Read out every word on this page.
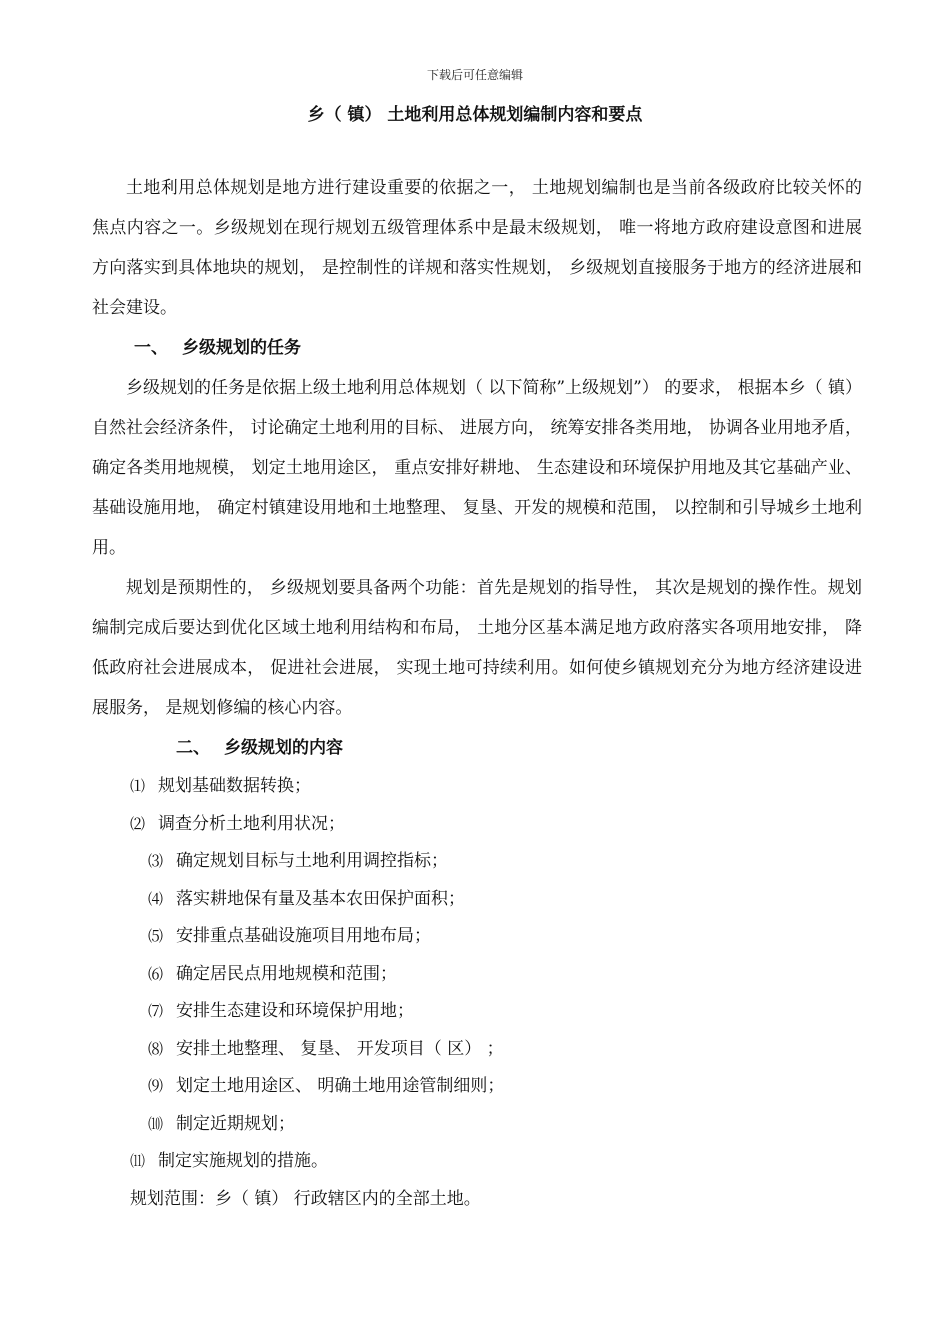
下载后可任意编辑
乡（ 镇） 土地利用总体规划编制内容和要点

土地利用总体规划是地方进行建设重要的依据之一， 土地规划编制也是当前各级政府比较关怀的焦点内容之一。乡级规划在现行规划五级管理体系中是最末级规划， 唯一将地方政府建设意图和进展方向落实到具体地块的规划， 是控制性的详规和落实性规划， 乡级规划直接服务于地方的经济进展和社会建设。

一、 乡级规划的任务

乡级规划的任务是依据上级土地利用总体规划（ 以下简称”上级规划”） 的要求， 根据本乡（ 镇） 自然社会经济条件， 讨论确定土地利用的目标、 进展方向， 统筹安排各类用地， 协调各业用地矛盾， 确定各类用地规模， 划定土地用途区， 重点安排好耕地、 生态建设和环境保护用地及其它基础产业、 基础设施用地， 确定村镇建设用地和土地整理、 复垦、开发的规模和范围， 以控制和引导城乡土地利用。

规划是预期性的， 乡级规划要具备两个功能：首先是规划的指导性， 其次是规划的操作性。规划编制完成后要达到优化区域土地利用结构和布局， 土地分区基本满足地方政府落实各项用地安排， 降低政府社会进展成本， 促进社会进展， 实现土地可持续利用。如何使乡镇规划充分为地方经济建设进展服务， 是规划修编的核心内容。

二、 乡级规划的内容
⑴ 规划基础数据转换；
⑵ 调查分析土地利用状况；
⑶ 确定规划目标与土地利用调控指标；
⑷ 落实耕地保有量及基本农田保护面积；
⑸ 安排重点基础设施项目用地布局；
⑹ 确定居民点用地规模和范围；
⑺ 安排生态建设和环境保护用地；
⑻ 安排土地整理、 复垦、 开发项目（ 区） ；
⑼ 划定土地用途区、 明确土地用途管制细则；
⑽ 制定近期规划；
⑾ 制定实施规划的措施。
规划范围：乡（ 镇） 行政辖区内的全部土地。
